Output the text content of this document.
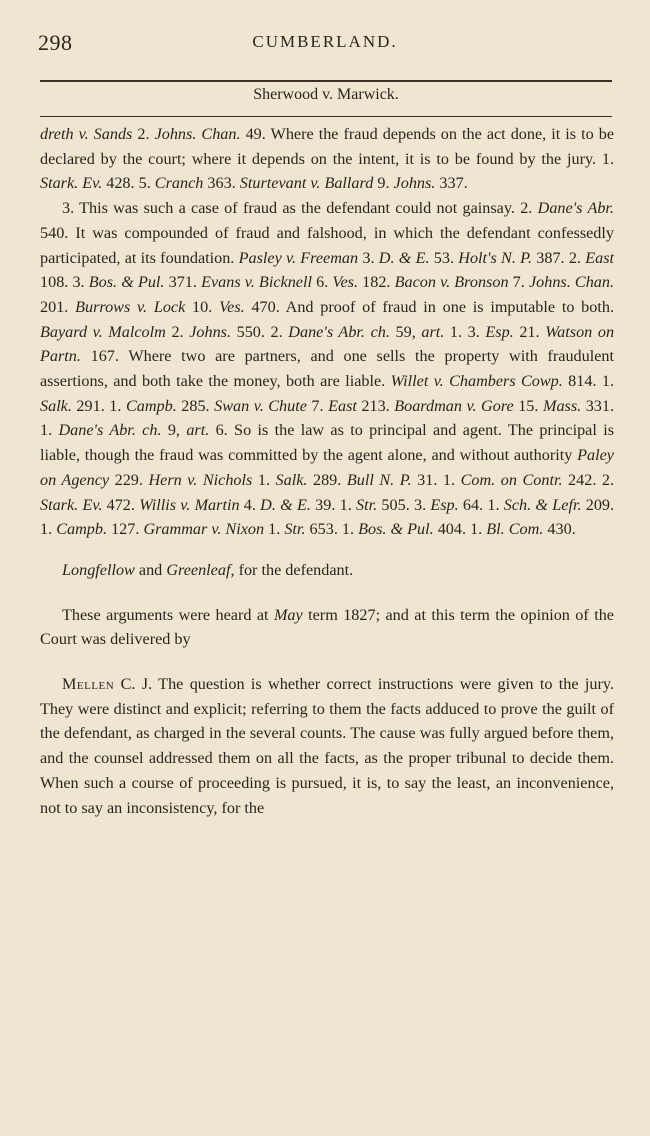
298	CUMBERLAND.
Sherwood v. Marwick.

dreth v. Sands 2. Johns. Chan. 49. Where the fraud depends on the act done, it is to be declared by the court; where it depends on the intent, it is to be found by the jury. 1. Stark. Ev. 428. 5. Cranch 363. Sturtevant v. Ballard 9. Johns. 337.

3. This was such a case of fraud as the defendant could not gainsay. 2. Dane's Abr. 540. It was compounded of fraud and falshood, in which the defendant confessedly participated, at its foundation. Pasley v. Freeman 3. D. & E. 53. Holt's N. P. 387. 2. East 108. 3. Bos. & Pul. 371. Evans v. Bicknell 6. Ves. 182. Bacon v. Bronson 7. Johns. Chan. 201. Burrows v. Lock 10. Ves. 470. And proof of fraud in one is imputable to both. Bayard v. Malcolm 2. Johns. 550. 2. Dane's Abr. ch. 59, art. 1. 3. Esp. 21. Watson on Partn. 167. Where two are partners, and one sells the property with fraudulent assertions, and both take the money, both are liable. Willet v. Chambers Cowp. 814. 1. Salk. 291. 1. Campb. 285. Swan v. Chute 7. East 213. Boardman v. Gore 15. Mass. 331. 1. Dane's Abr. ch. 9, art. 6. So is the law as to principal and agent. The principal is liable, though the fraud was committed by the agent alone, and without authority Paley on Agency 229. Hern v. Nichols 1. Salk. 289. Bull N. P. 31. 1. Com. on Contr. 242. 2. Stark. Ev. 472. Willis v. Martin 4. D. & E. 39. 1. Str. 505. 3. Esp. 64. 1. Sch. & Lefr. 209. 1. Campb. 127. Grammar v. Nixon 1. Str. 653. 1. Bos. & Pul. 404. 1. Bl. Com. 430.

Longfellow and Greenleaf, for the defendant.

These arguments were heard at May term 1827; and at this term the opinion of the Court was delivered by

Mellen C. J. The question is whether correct instructions were given to the jury. They were distinct and explicit; referring to them the facts adduced to prove the guilt of the defendant, as charged in the several counts. The cause was fully argued before them, and the counsel addressed them on all the facts, as the proper tribunal to decide them. When such a course of proceeding is pursued, it is, to say the least, an inconvenience, not to say an inconsistency, for the
